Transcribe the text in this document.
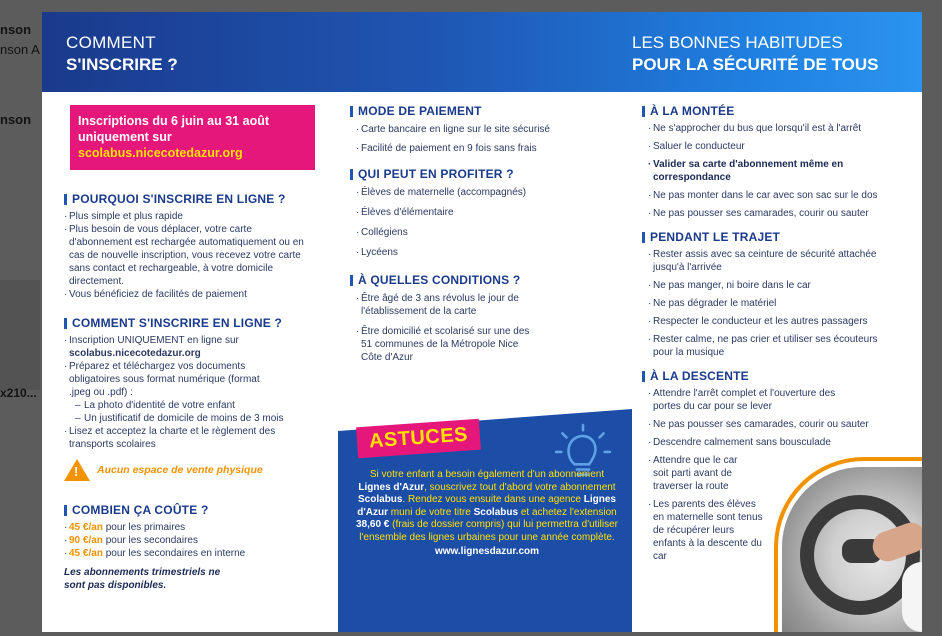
COMMENT
S'INSCRIRE ?
LES BONNES HABITUDES
POUR LA SÉCURITÉ DE TOUS
Inscriptions du 6 juin au 31 août
uniquement sur
scolabus.nicecotedazur.org
POURQUOI S'INSCRIRE EN LIGNE ?
· Plus simple et plus rapide
· Plus besoin de vous déplacer, votre carte d'abonnement est rechargée automatiquement ou en cas de nouvelle inscription, vous recevez votre carte sans contact et rechargeable, à votre domicile directement.
· Vous bénéficiez de facilités de paiement
COMMENT S'INSCRIRE EN LIGNE ?
· Inscription UNIQUEMENT en ligne sur scolabus.nicecotedazur.org
· Préparez et téléchargez vos documents obligatoires sous format numérique (format .jpeg ou .pdf) :
– La photo d'identité de votre enfant
– Un justificatif de domicile de moins de 3 mois
· Lisez et acceptez la charte et le règlement des transports scolaires
! Aucun espace de vente physique
COMBIEN ÇA COÛTE ?
· 45 €/an pour les primaires
· 90 €/an pour les secondaires
· 45 €/an pour les secondaires en interne
Les abonnements trimestriels ne sont pas disponibles.
MODE DE PAIEMENT
· Carte bancaire en ligne sur le site sécurisé
· Facilité de paiement en 9 fois sans frais
QUI PEUT EN PROFITER ?
· Élèves de maternelle (accompagnés)
· Élèves d'élémentaire
· Collégiens
· Lycéens
À QUELLES CONDITIONS ?
· Être âgé de 3 ans révolus le jour de l'établissement de la carte
· Être domicilié et scolarisé sur une des 51 communes de la Métropole Nice Côte d'Azur
ASTUCES
Si votre enfant a besoin également d'un abonnement Lignes d'Azur, souscrivez tout d'abord votre abonnement Scolabus. Rendez vous ensuite dans une agence Lignes d'Azur muni de votre titre Scolabus et achetez l'extension 38,60 € (frais de dossier compris) qui lui permettra d'utiliser l'ensemble des lignes urbaines pour une année complète.
www.lignesdazur.com
À LA MONTÉE
· Ne s'approcher du bus que lorsqu'il est à l'arrêt
· Saluer le conducteur
· Valider sa carte d'abonnement même en correspondance
· Ne pas monter dans le car avec son sac sur le dos
· Ne pas pousser ses camarades, courir ou sauter
PENDANT LE TRAJET
· Rester assis avec sa ceinture de sécurité attachée jusqu'à l'arrivée
· Ne pas manger, ni boire dans le car
· Ne pas dégrader le matériel
· Respecter le conducteur et les autres passagers
· Rester calme, ne pas crier et utiliser ses écouteurs pour la musique
À LA DESCENTE
· Attendre l'arrêt complet et l'ouverture des portes du car pour se lever
· Ne pas pousser ses camarades, courir ou sauter
· Descendre calmement sans bousculade
· Attendre que le car soit parti avant de traverser la route
· Les parents des élèves en maternelle sont tenus de récupérer leurs enfants à la descente du car
